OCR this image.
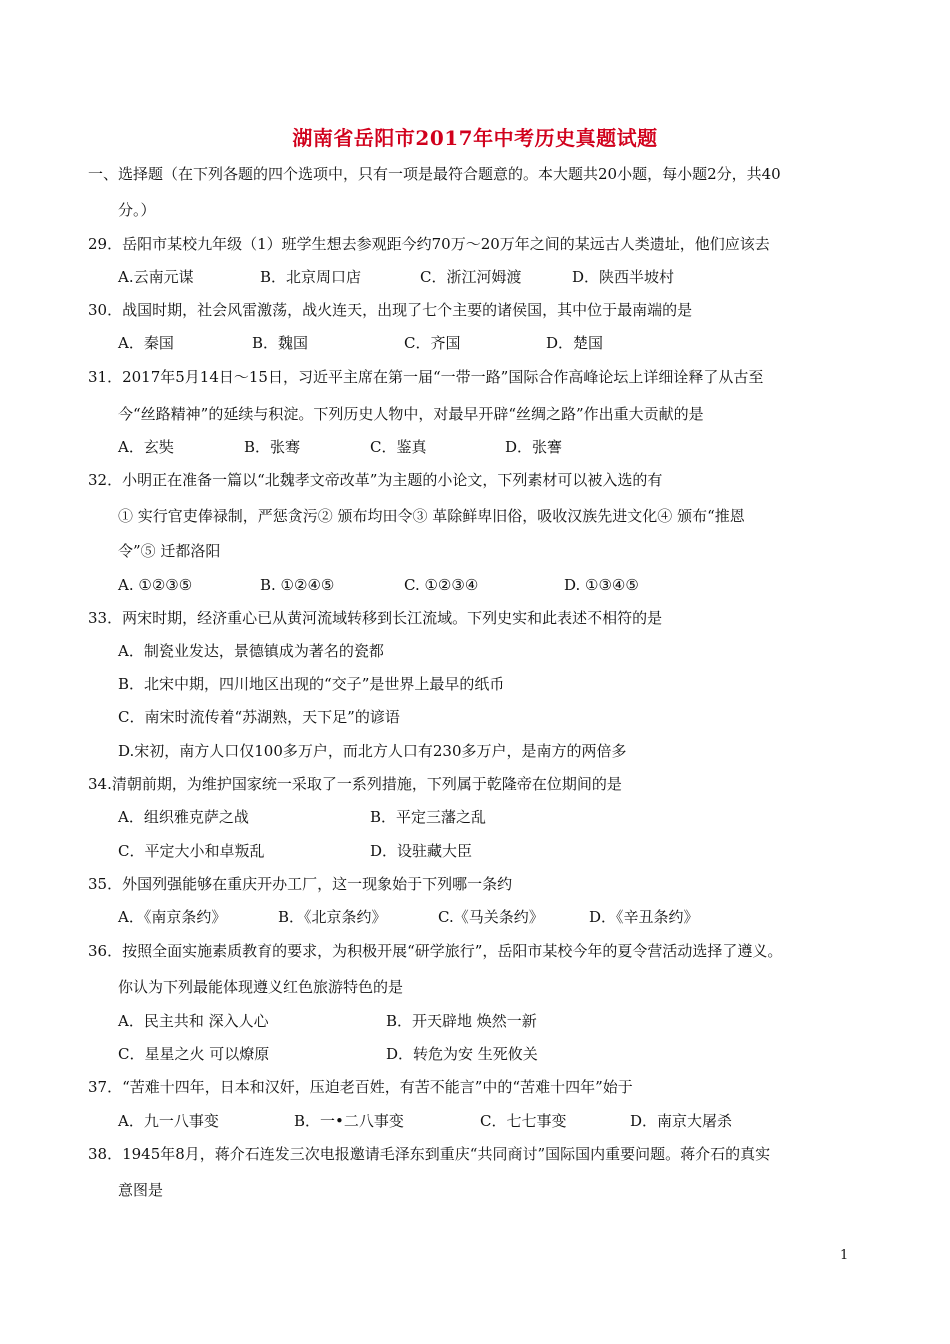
湖南省岳阳市2017年中考历史真题试题
一、选择题（在下列各题的四个选项中，只有一项是最符合题意的。本大题共20小题，每小题2分，共40
分。）
29．岳阳市某校九年级（1）班学生想去参观距今约70万～20万年之间的某远古人类遗址，他们应该去
A.云南元谋	B．北京周口店	C．浙江河姆渡	D．陕西半坡村
30．战国时期，社会风雷激荡，战火连天，出现了七个主要的诸侯国，其中位于最南端的是
A．秦国	B．魏国	C．齐国	D．楚国
31．2017年5月14日～15日，习近平主席在第一届“一带一路”国际合作高峰论坛上详细诠释了从古至
今“丝路精神”的延续与积淀。下列历史人物中，对最早开辟“丝绸之路”作出重大贡献的是
A．玄奘	B．张骞	C．鉴真	D．张謇
32．小明正在准备一篇以“北魏孝文帝改革”为主题的小论文，下列素材可以被入选的有
① 实行官吏俸禄制，严惩贪污② 颁布均田令③ 革除鲜卑旧俗，吸收汉族先进文化④ 颁布“推恩
令”⑤ 迁都洛阳
A. ①②③⑤	B. ①②④⑤	C. ①②③④	D. ①③④⑤
33．两宋时期，经济重心已从黄河流域转移到长江流域。下列史实和此表述不相符的是
A．制瓷业发达，景德镇成为著名的瓷都
B．北宋中期，四川地区出现的“交子”是世界上最早的纸币
C．南宋时流传着“苏湖熟，天下足”的谚语
D.宋初，南方人口仅100多万户，而北方人口有230多万户，是南方的两倍多
34.清朝前期，为维护国家统一采取了一系列措施，下列属于乾隆帝在位期间的是
A．组织雅克萨之战	B．平定三藩之乱
C．平定大小和卓叛乱	D．设驻藏大臣
35．外国列强能够在重庆开办工厂，这一现象始于下列哪一条约
A．《南京条约》	B．《北京条约》	C.《马关条约》	D．《辛丑条约》
36．按照全面实施素质教育的要求，为积极开展“研学旅行”，岳阳市某校今年的夏令营活动选择了遵义。
你认为下列最能体现遵义红色旅游特色的是
A．民主共和 深入人心	B．开天辟地 焕然一新
C．星星之火 可以燎原	D．转危为安 生死攸关
37．“苦难十四年，日本和汉奸，压迫老百姓，有苦不能言”中的“苦难十四年”始于
A．九一八事变	B．一•二八事变	C．七七事变	D．南京大屠杀
38．1945年8月，蒋介石连发三次电报邀请毛泽东到重庆“共同商讨”国际国内重要问题。蒋介石的真实
意图是
1
